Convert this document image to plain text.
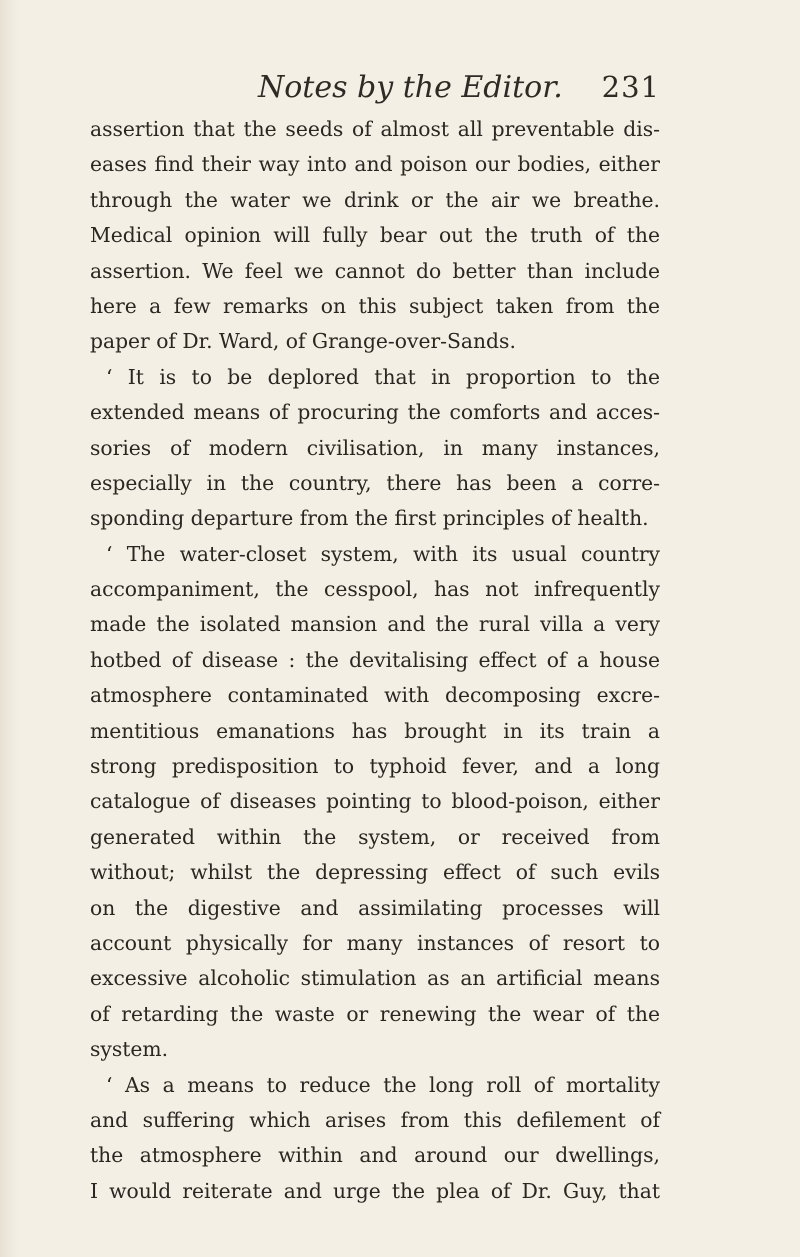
Notes by the Editor. 231
assertion that the seeds of almost all preventable dis-
eases find their way into and poison our bodies, either
through the water we drink or the air we breathe.
Medical opinion will fully bear out the truth of the
assertion. We feel we cannot do better than include
here a few remarks on this subject taken from the
paper of Dr. Ward, of Grange-over-Sands.
‘ It is to be deplored that in proportion to the
extended means of procuring the comforts and acces-
sories of modern civilisation, in many instances,
especially in the country, there has been a corre-
sponding departure from the first principles of health.
‘ The water-closet system, with its usual country
accompaniment, the cesspool, has not infrequently
made the isolated mansion and the rural villa a very
hotbed of disease : the devitalising effect of a house
atmosphere contaminated with decomposing excre-
mentitious emanations has brought in its train a
strong predisposition to typhoid fever, and a long
catalogue of diseases pointing to blood-poison, either
generated within the system, or received from
without; whilst the depressing effect of such evils
on the digestive and assimilating processes will
account physically for many instances of resort to
excessive alcoholic stimulation as an artificial means
of retarding the waste or renewing the wear of the
system.
‘ As a means to reduce the long roll of mortality
and suffering which arises from this defilement of
the atmosphere within and around our dwellings,
I would reiterate and urge the plea of Dr. Guy, that
